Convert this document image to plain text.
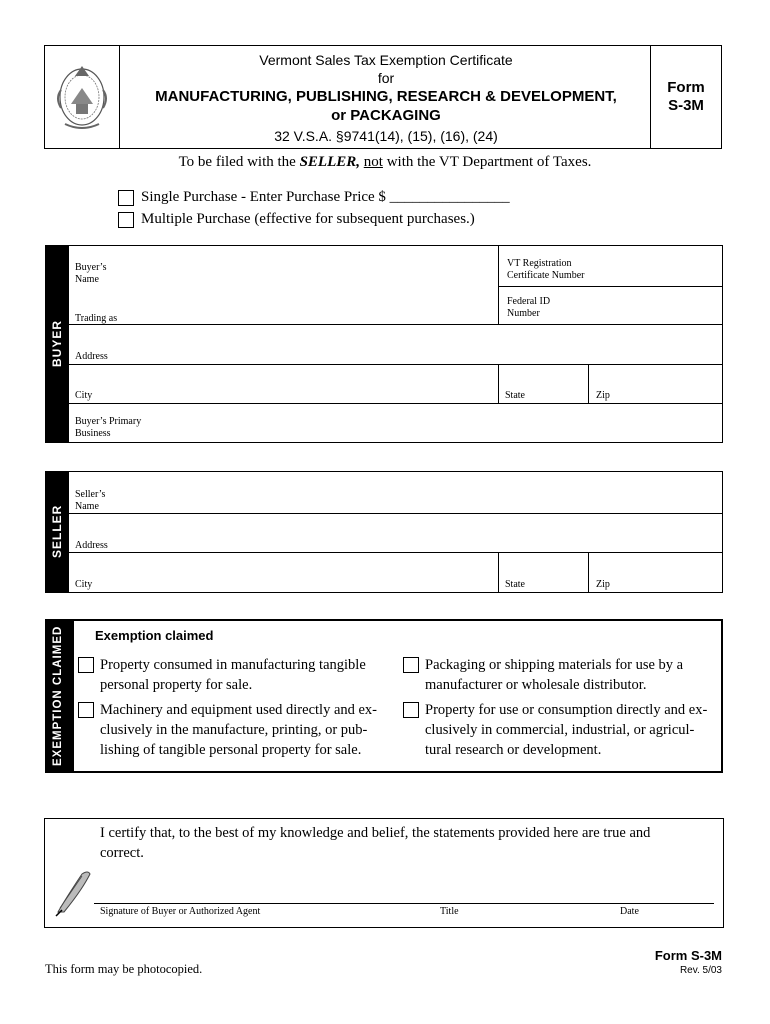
Vermont Sales Tax Exemption Certificate
for
MANUFACTURING, PUBLISHING, RESEARCH & DEVELOPMENT,
or PACKAGING
32 V.S.A. §9741(14), (15), (16), (24)
Form
S-3M
To be filed with the SELLER, not with the VT Department of Taxes.
Single Purchase - Enter Purchase Price $ ________________
Multiple Purchase (effective for subsequent purchases.)
BUYER
Buyer’s
Name
VT Registration
Certificate Number
Trading as
Federal ID
Number
Address
City	State	Zip
Buyer’s Primary
Business
SELLER
Seller’s
Name
Address
City	State	Zip
EXEMPTION CLAIMED Exemption claimed
Property consumed in manufacturing tangible
personal property for sale.
Machinery and equipment used directly and ex-
clusively in the manufacture, printing, or pub-
lishing of tangible personal property for sale.
Packaging or shipping materials for use by a
manufacturer or wholesale distributor.
Property for use or consumption directly and ex-
clusively in commercial, industrial, or agricul-
tural research or development.
I certify that, to the best of my knowledge and belief, the statements provided here are true and
correct.
Signature of Buyer or Authorized Agent	Title	Date
This form may be photocopied.
Form S-3M
Rev. 5/03
